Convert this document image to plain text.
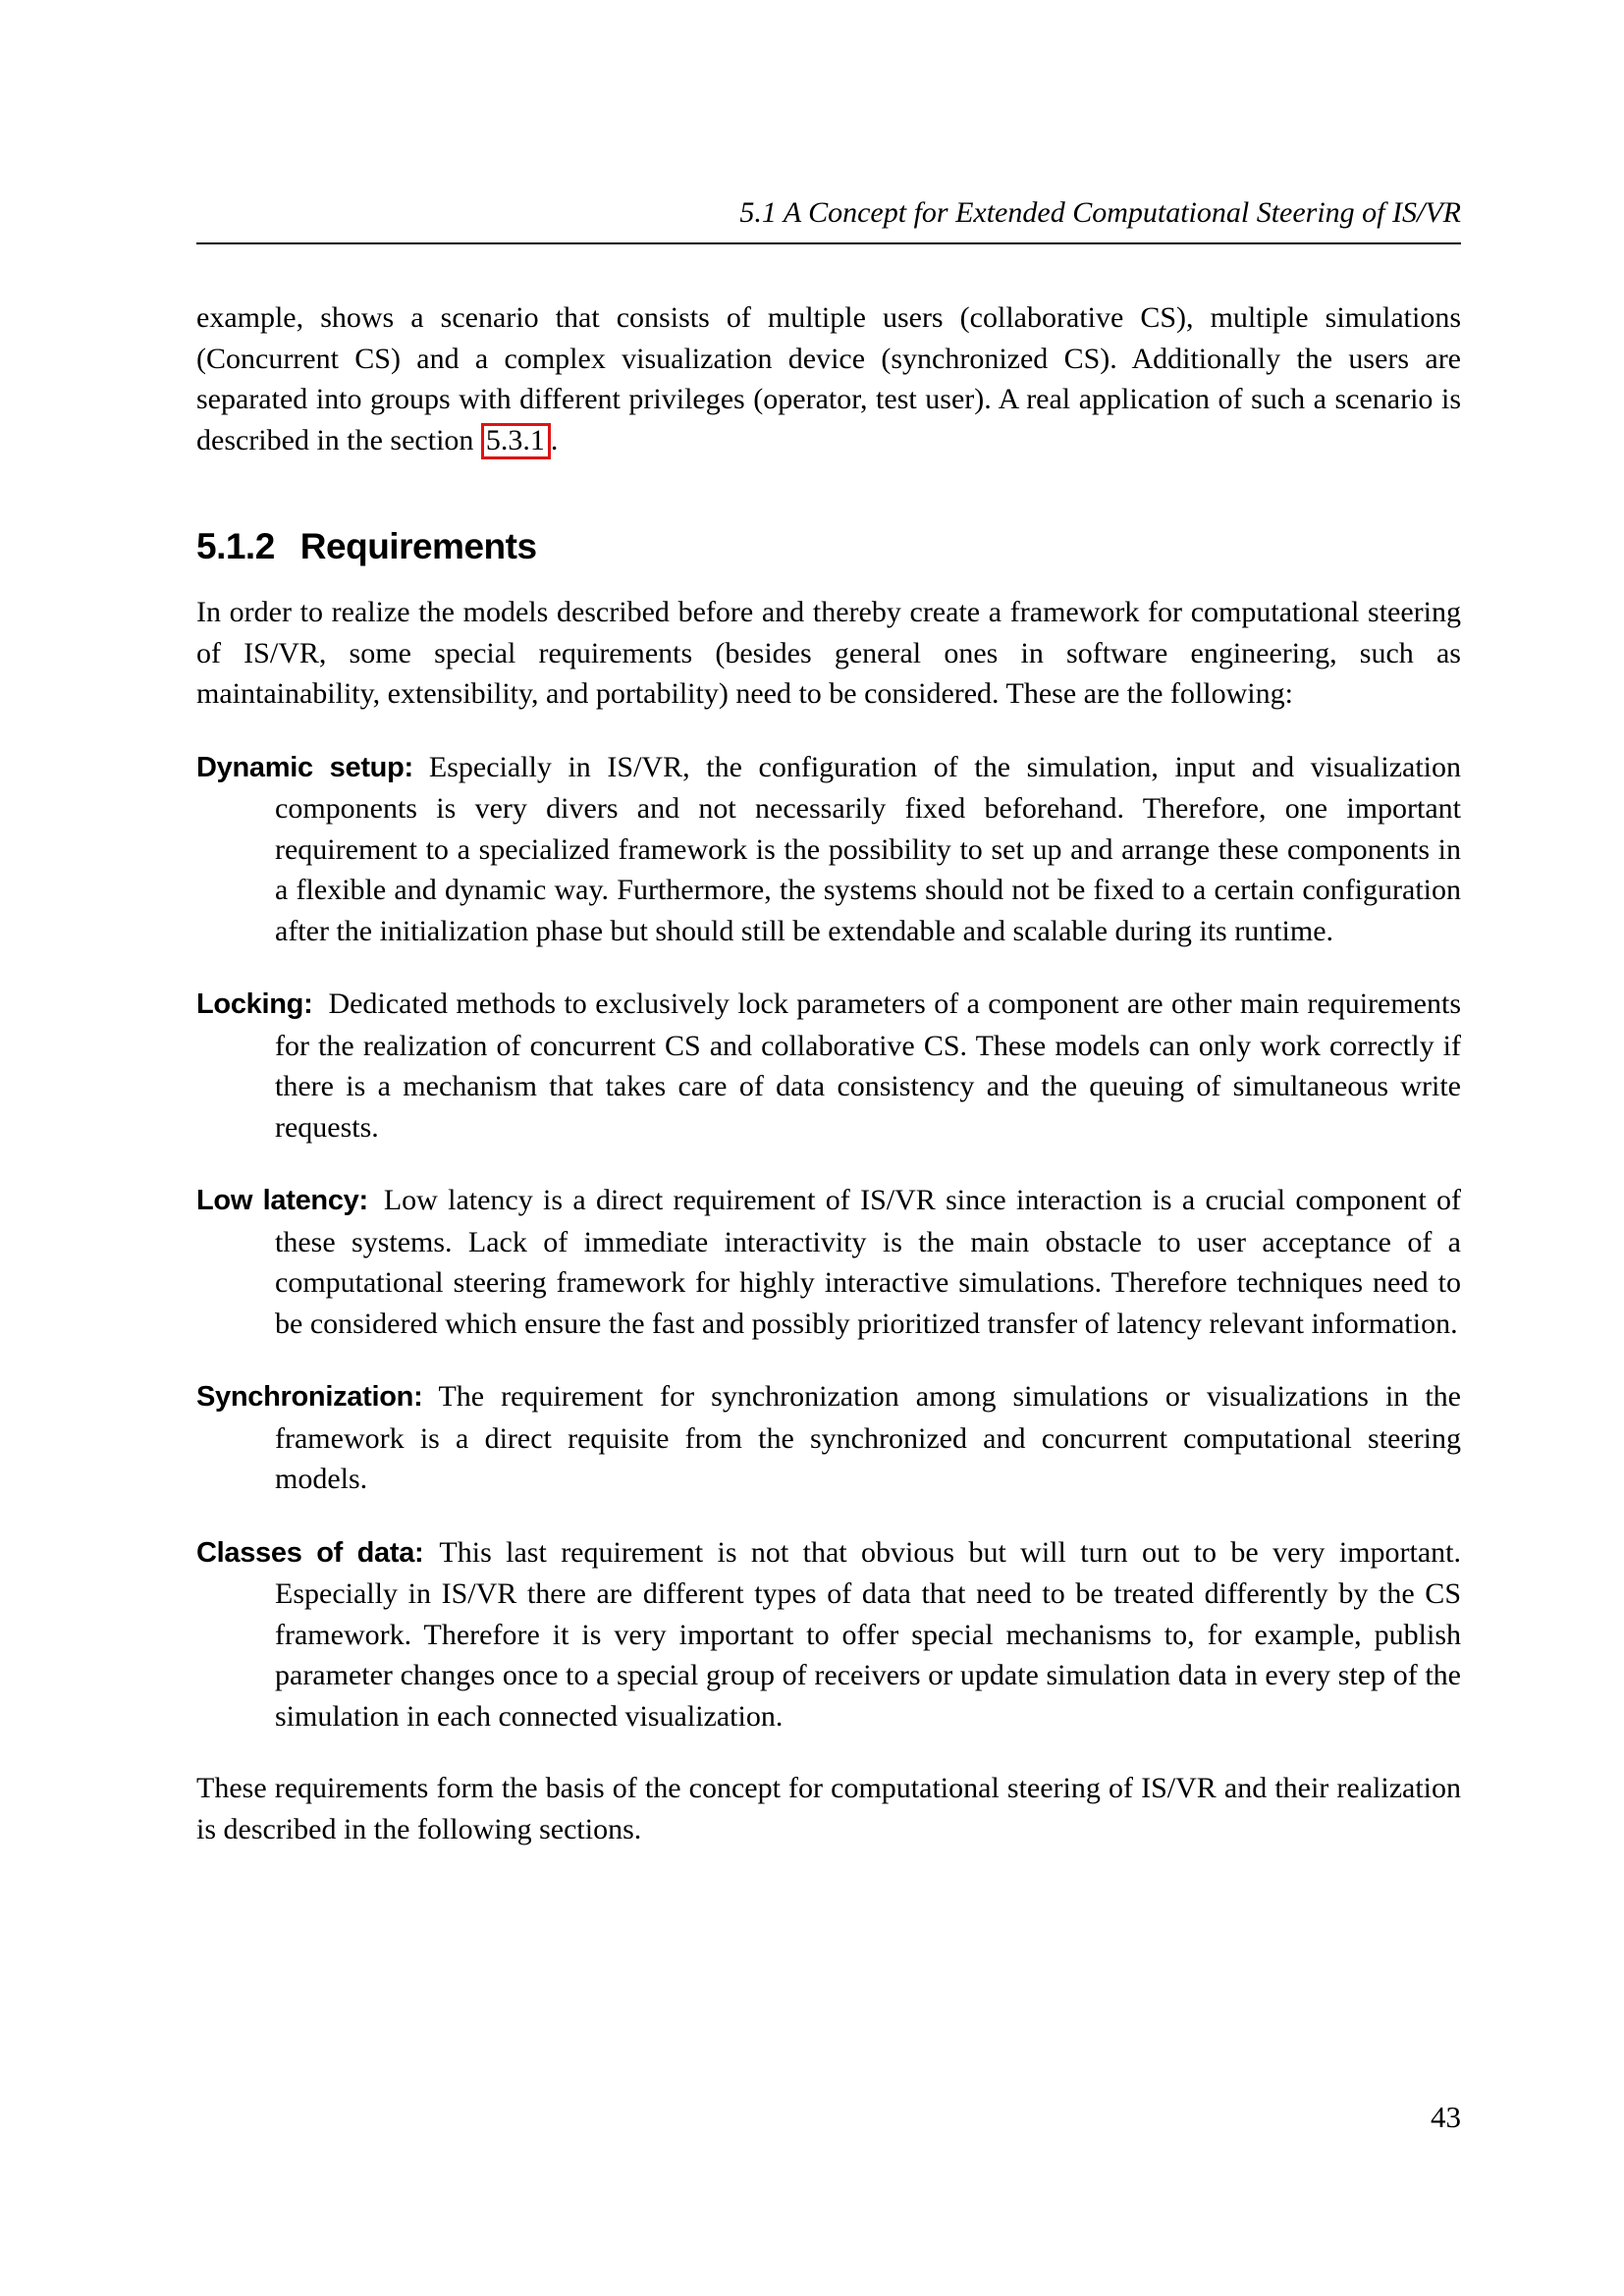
5.1 A Concept for Extended Computational Steering of IS/VR

example, shows a scenario that consists of multiple users (collaborative CS), multiple simulations (Concurrent CS) and a complex visualization device (synchronized CS). Additionally the users are separated into groups with different privileges (operator, test user). A real application of such a scenario is described in the section 5.3.1 .

5.1.2 Requirements

In order to realize the models described before and thereby create a framework for computational steering of IS/VR, some special requirements (besides general ones in software engineering, such as maintainability, extensibility, and portability) need to be considered. These are the following:

Dynamic setup: Especially in IS/VR, the configuration of the simulation, input and visualization components is very divers and not necessarily fixed beforehand. Therefore, one important requirement to a specialized framework is the possibility to set up and arrange these components in a flexible and dynamic way. Furthermore, the systems should not be fixed to a certain configuration after the initialization phase but should still be extendable and scalable during its runtime.
Locking: Dedicated methods to exclusively lock parameters of a component are other main requirements for the realization of concurrent CS and collaborative CS. These models can only work correctly if there is a mechanism that takes care of data consistency and the queuing of simultaneous write requests.
Low latency: Low latency is a direct requirement of IS/VR since interaction is a crucial component of these systems. Lack of immediate interactivity is the main obstacle to user acceptance of a computational steering framework for highly interactive simulations. Therefore techniques need to be considered which ensure the fast and possibly prioritized transfer of latency relevant information.
Synchronization: The requirement for synchronization among simulations or visualizations in the framework is a direct requisite from the synchronized and concurrent computational steering models.
Classes of data: This last requirement is not that obvious but will turn out to be very important. Especially in IS/VR there are different types of data that need to be treated differently by the CS framework. Therefore it is very important to offer special mechanisms to, for example, publish parameter changes once to a special group of receivers or update simulation data in every step of the simulation in each connected visualization.

These requirements form the basis of the concept for computational steering of IS/VR and their realization is described in the following sections.

43
